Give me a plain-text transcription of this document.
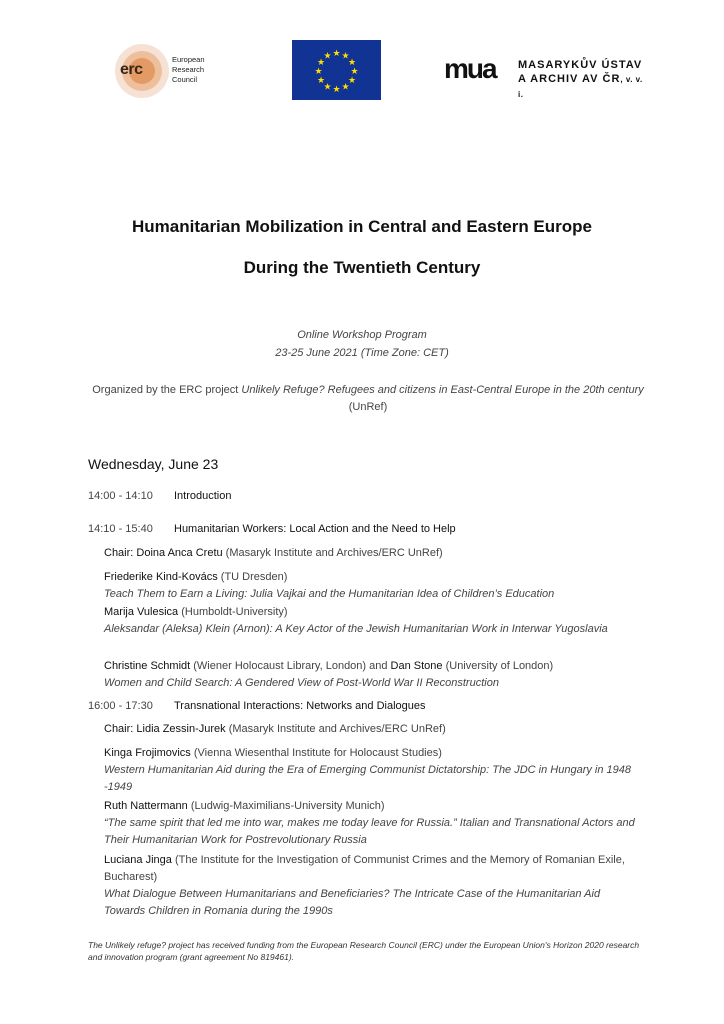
erc
European
Research
Council
★ ★
★
★
★
★
★
★
★
★
★
★	mua MASARYKŮV ÚSTAV
A ARCHIV AV ČR, v. v. i.
Humanitarian Mobilization in Central and Eastern Europe
During the Twentieth Century
Online Workshop Program
23-25 June 2021 (Time Zone: CET)
Organized by the ERC project Unlikely Refuge? Refugees and citizens in East-Central Europe in the 20th century (UnRef)
Wednesday, June 23
14:00 - 14:10 Introduction
14:10 - 15:40 Humanitarian Workers: Local Action and the Need to Help
Chair: Doina Anca Cretu (Masaryk Institute and Archives/ERC UnRef)
Friederike Kind-Kovács (TU Dresden)
Teach Them to Earn a Living: Julia Vajkai and the Humanitarian Idea of Children’s Education
Marija Vulesica (Humboldt-University)
Aleksandar (Aleksa) Klein (Arnon): A Key Actor of the Jewish Humanitarian Work in Interwar Yugoslavia
Christine Schmidt (Wiener Holocaust Library, London) and Dan Stone (University of London)
Women and Child Search: A Gendered View of Post-World War II Reconstruction
16:00 - 17:30 Transnational Interactions: Networks and Dialogues
Chair: Lidia Zessin-Jurek (Masaryk Institute and Archives/ERC UnRef)
Kinga Frojimovics (Vienna Wiesenthal Institute for Holocaust Studies)
Western Humanitarian Aid during the Era of Emerging Communist Dictatorship: The JDC in Hungary in 1948 -1949
Ruth Nattermann (Ludwig-Maximilians-University Munich)
“The same spirit that led me into war, makes me today leave for Russia.” Italian and Transnational Actors and Their Humanitarian Work for Postrevolutionary Russia
Luciana Jinga (The Institute for the Investigation of Communist Crimes and the Memory of Romanian Exile, Bucharest)
What Dialogue Between Humanitarians and Beneficiaries? The Intricate Case of the Humanitarian Aid Towards Children in Romania during the 1990s
The Unlikely refuge? project has received funding from the European Research Council (ERC) under the European Union's Horizon 2020 research and innovation program (grant agreement No 819461).
